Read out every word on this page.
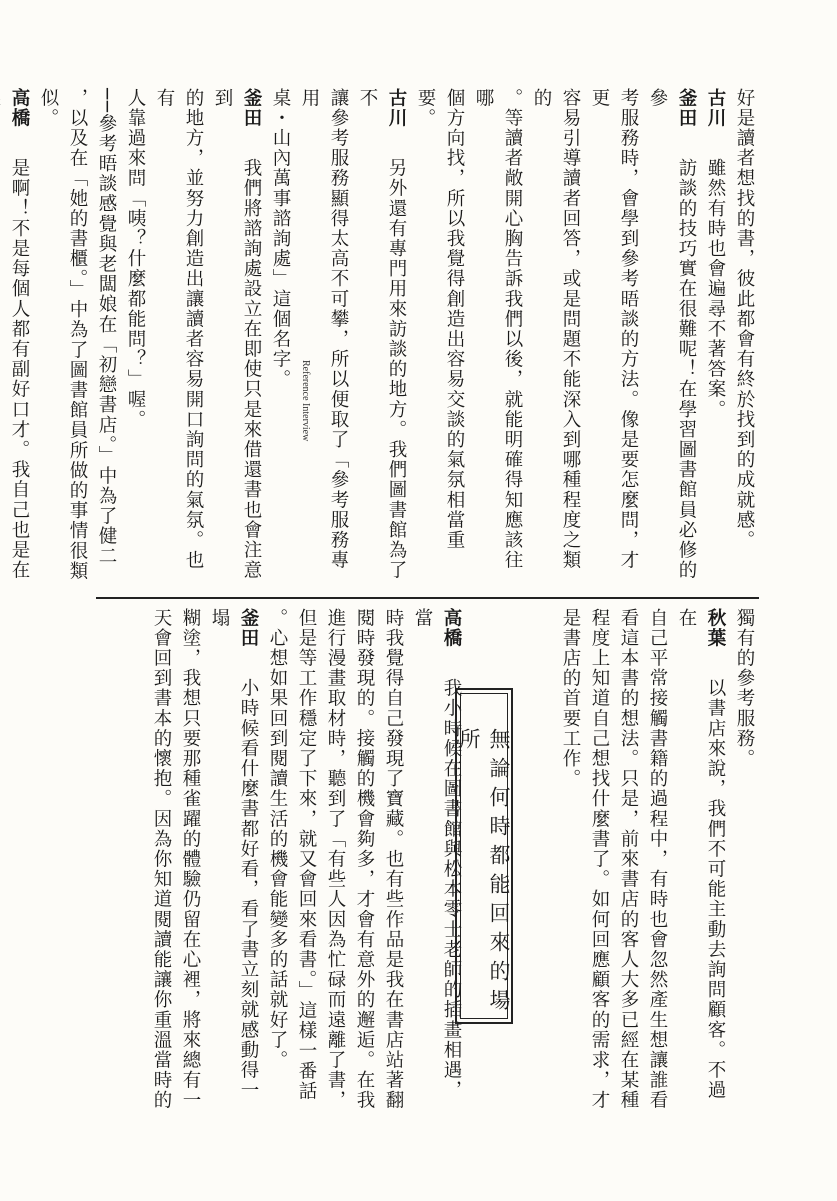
好是讀者想找的書，彼此都會有終於找到的成就感。
古川　雖然有時也會遍尋不著答案。
釜田　訪談的技巧實在很難呢！在學習圖書館員必修的參
考服務時，會學到參考晤談的方法。像是要怎麼問，才更
容易引導讀者回答，或是問題不能深入到哪種程度之類的
。等讀者敞開心胸告訴我們以後，就能明確得知應該往哪
個方向找，所以我覺得創造出容易交談的氣氛相當重要。
古川　另外還有專門用來訪談的地方。我們圖書館為了不
讓參考服務顯得太高不可攀，所以便取了「參考服務專用
桌・山內萬事諮詢處」這個名字。
釜田　我們將諮詢處設立在即使只是來借還書也會注意到
的地方，並努力創造出讓讀者容易開口詢問的氣氛。也有
人靠過來問「咦？什麼都能問？」喔。
──參考晤談感覺與老闆娘在「初戀書店。」中為了健二
，以及在「她的書櫃。」中為了圖書館員所做的事情很類
似。
高橋　是啊！不是每個人都有副好口才。我自己也是在
Reference Interview
獨有的參考服務。
秋葉　以書店來說，我們不可能主動去詢問顧客。不過在
自己平常接觸書籍的過程中，有時也會忽然產生想讓誰看
看這本書的想法。只是，前來書店的客人大多已經在某種
程度上知道自己想找什麼書了。如何回應顧客的需求，才
是書店的首要工作。
高橋　我小時候在圖書館與松本零士老師的插畫相遇，當
時我覺得自己發現了寶藏。也有些作品是我在書店站著翻
閱時發現的。接觸的機會夠多，才會有意外的邂逅。在我
進行漫畫取材時，聽到了「有些人因為忙碌而遠離了書，
但是等工作穩定了下來，就又會回來看書。」這樣一番話
。心想如果回到閱讀生活的機會能變多的話就好了。
釜田　小時候看什麼書都好看，看了書立刻就感動得一塌
糊塗，我想只要那種雀躍的體驗仍留在心裡，將來總有一
天會回到書本的懷抱。因為你知道閱讀能讓你重溫當時的	無論何時都能回來的場所
